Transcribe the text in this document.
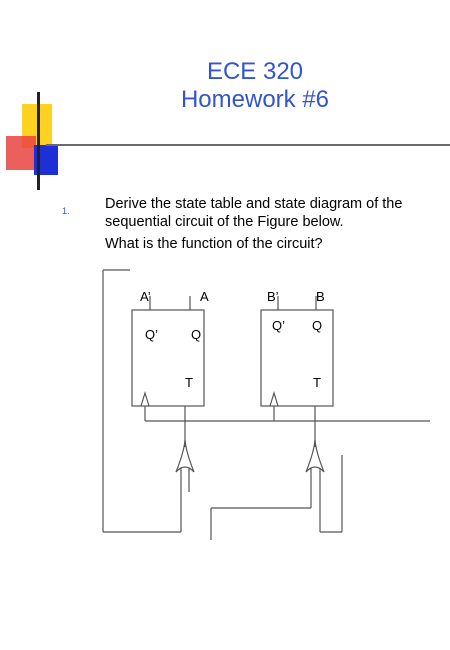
ECE 320
Homework #6
1. Derive the state table and state diagram of the sequential circuit of the Figure below.
What is the function of the circuit?
A’	A
Q’	Q
T
B’	B
Q’ Q
T
